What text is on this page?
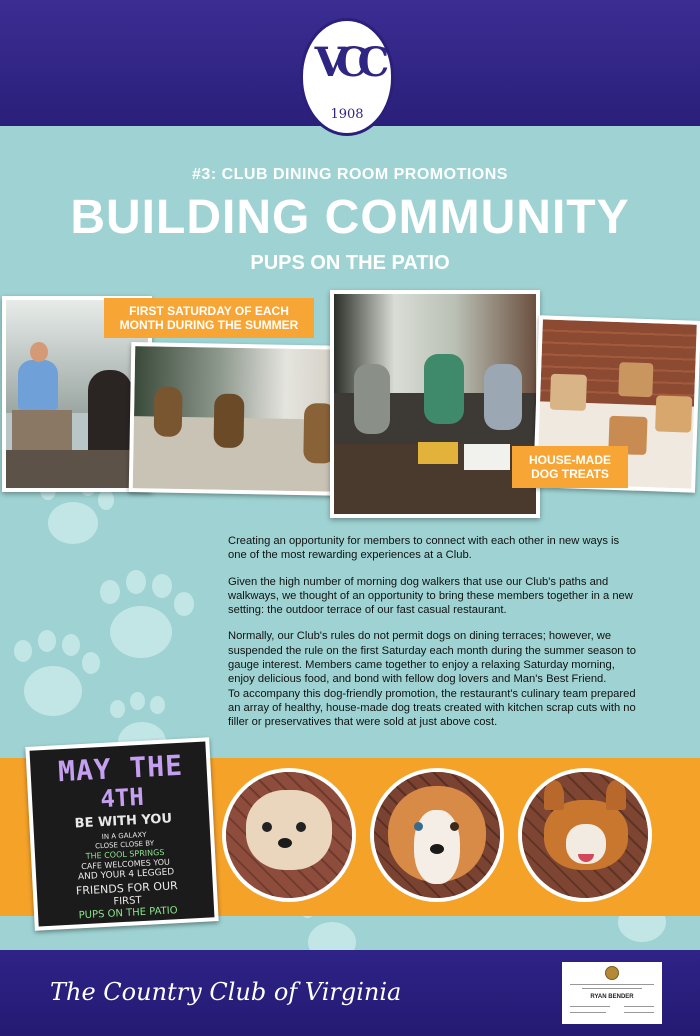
VCC
1908
#3: CLUB DINING ROOM PROMOTIONS
BUILDING COMMUNITY
PUPS ON THE PATIO
FIRST SATURDAY OF EACH MONTH DURING THE SUMMER
HOUSE-MADE DOG TREATS

Creating an opportunity for members to connect with each other in new ways is one of the most rewarding experiences at a Club.

Given the high number of morning dog walkers that use our Club's paths and walkways, we thought of an opportunity to bring these members together in a new setting: the outdoor terrace of our fast casual restaurant.

Normally, our Club's rules do not permit dogs on dining terraces; however, we suspended the rule on the first Saturday each month during the summer season to gauge interest. Members came together to enjoy a relaxing Saturday morning, enjoy delicious food, and bond with fellow dog lovers and Man's Best Friend.

To accompany this dog-friendly promotion, the restaurant's culinary team prepared an array of healthy, house-made dog treats created with kitchen scrap cuts with no filler or preservatives that were sold at just above cost.

MAY THE
4TH
BE WITH YOU
IN A GALAXY
CLOSE CLOSE BY
THE COOL SPRINGS
CAFE WELCOMES YOU
AND YOUR 4 LEGGED
FRIENDS FOR OUR
FIRST
PUPS ON THE PATIO
The Country Club of Virginia	RYAN BENDER
